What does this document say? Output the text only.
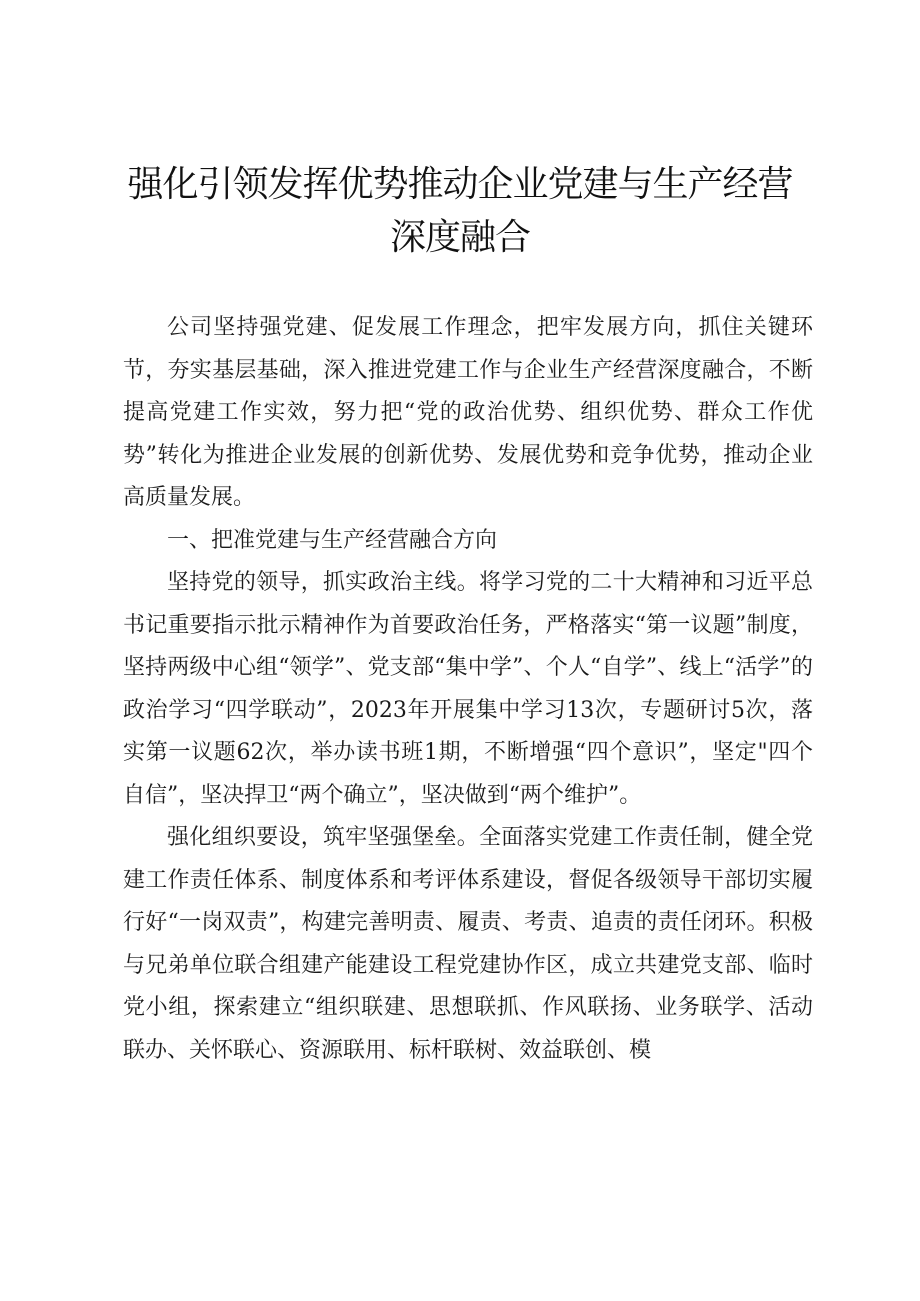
强化引领发挥优势推动企业党建与生产经营深度融合

公司坚持强党建、促发展工作理念，把牢发展方向，抓住关键环节，夯实基层基础，深入推进党建工作与企业生产经营深度融合，不断提高党建工作实效，努力把“党的政治优势、组织优势、群众工作优势”转化为推进企业发展的创新优势、发展优势和竞争优势，推动企业高质量发展。

一、把准党建与生产经营融合方向

坚持党的领导，抓实政治主线。将学习党的二十大精神和习近平总书记重要指示批示精神作为首要政治任务，严格落实“第一议题”制度，坚持两级中心组“领学”、党支部“集中学”、个人“自学”、线上“活学”的政治学习“四学联动”，2023年开展集中学习13次，专题研讨5次，落实第一议题62次，举办读书班1期，不断增强“四个意识”，坚定"四个自信”，坚决捍卫“两个确立”，坚决做到“两个维护”。

强化组织要设，筑牢坚强堡垒。全面落实党建工作责任制，健全党建工作责任体系、制度体系和考评体系建设，督促各级领导干部切实履行好“一岗双责”，构建完善明责、履责、考责、追责的责任闭环。积极与兄弟单位联合组建产能建设工程党建协作区，成立共建党支部、临时党小组，探索建立“组织联建、思想联抓、作风联扬、业务联学、活动联办、关怀联心、资源联用、标杆联树、效益联创、模
